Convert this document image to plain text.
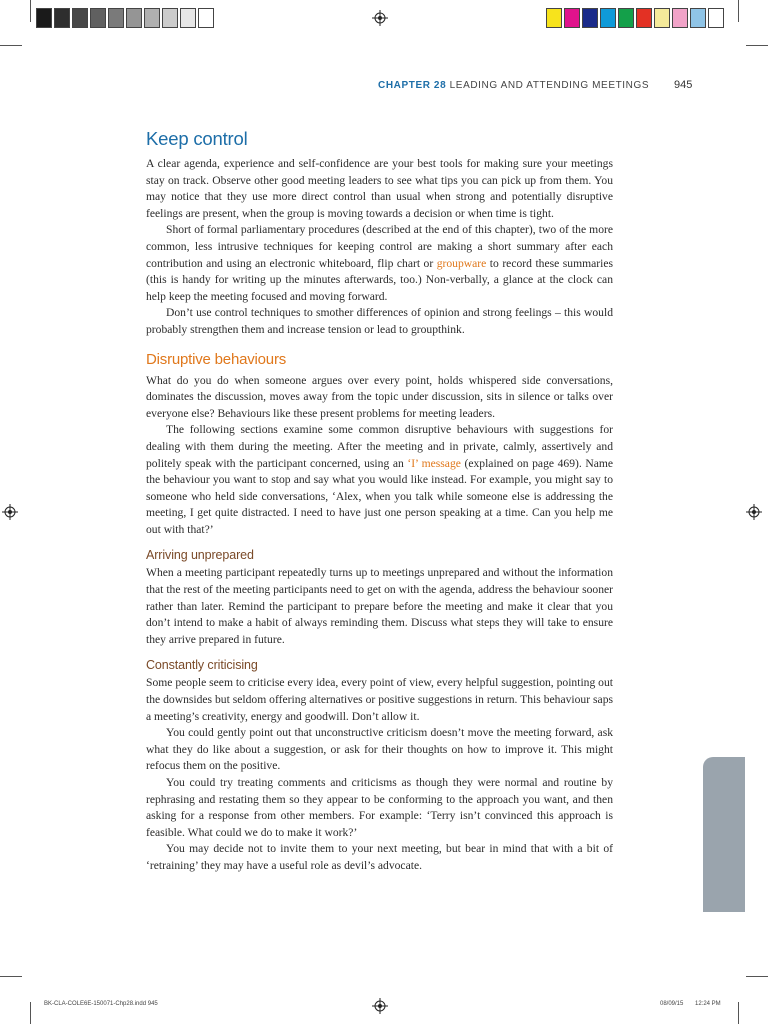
CHAPTER 28 LEADING AND ATTENDING MEETINGS 945
Keep control

A clear agenda, experience and self-confidence are your best tools for making sure your meetings stay on track. Observe other good meeting leaders to see what tips you can pick up from them. You may notice that they use more direct control than usual when strong and potentially disruptive feelings are present, when the group is moving towards a decision or when time is tight.

Short of formal parliamentary procedures (described at the end of this chapter), two of the more common, less intrusive techniques for keeping control are making a short summary after each contribution and using an electronic whiteboard, flip chart or groupware to record these summaries (this is handy for writing up the minutes afterwards, too.) Non-verbally, a glance at the clock can help keep the meeting focused and moving forward.

Don’t use control techniques to smother differences of opinion and strong feelings – this would probably strengthen them and increase tension or lead to groupthink.

Disruptive behaviours

What do you do when someone argues over every point, holds whispered side conversations, dominates the discussion, moves away from the topic under discussion, sits in silence or talks over everyone else? Behaviours like these present problems for meeting leaders.

The following sections examine some common disruptive behaviours with suggestions for dealing with them during the meeting. After the meeting and in private, calmly, assertively and politely speak with the participant concerned, using an ‘I’ message (explained on page 469). Name the behaviour you want to stop and say what you would like instead. For example, you might say to someone who held side conversations, ‘Alex, when you talk while someone else is addressing the meeting, I get quite distracted. I need to have just one person speaking at a time. Can you help me out with that?’

Arriving unprepared

When a meeting participant repeatedly turns up to meetings unprepared and without the information that the rest of the meeting participants need to get on with the agenda, address the behaviour sooner rather than later. Remind the participant to prepare before the meeting and make it clear that you don’t intend to make a habit of always reminding them. Discuss what steps they will take to ensure they arrive prepared in future.

Constantly criticising

Some people seem to criticise every idea, every point of view, every helpful suggestion, pointing out the downsides but seldom offering alternatives or positive suggestions in return. This behaviour saps a meeting’s creativity, energy and goodwill. Don’t allow it.

You could gently point out that unconstructive criticism doesn’t move the meeting forward, ask what they do like about a suggestion, or ask for their thoughts on how to improve it. This might refocus them on the positive.

You could try treating comments and criticisms as though they were normal and routine by rephrasing and restating them so they appear to be conforming to the approach you want, and then asking for a response from other members. For example: ‘Terry isn’t convinced this approach is feasible. What could we do to make it work?’

You may decide not to invite them to your next meeting, but bear in mind that with a bit of ‘retraining’ they may have a useful role as devil’s advocate.

BK-CLA-COLE6E-150071-Chp28.indd 945	08/09/15 12:24 PM
